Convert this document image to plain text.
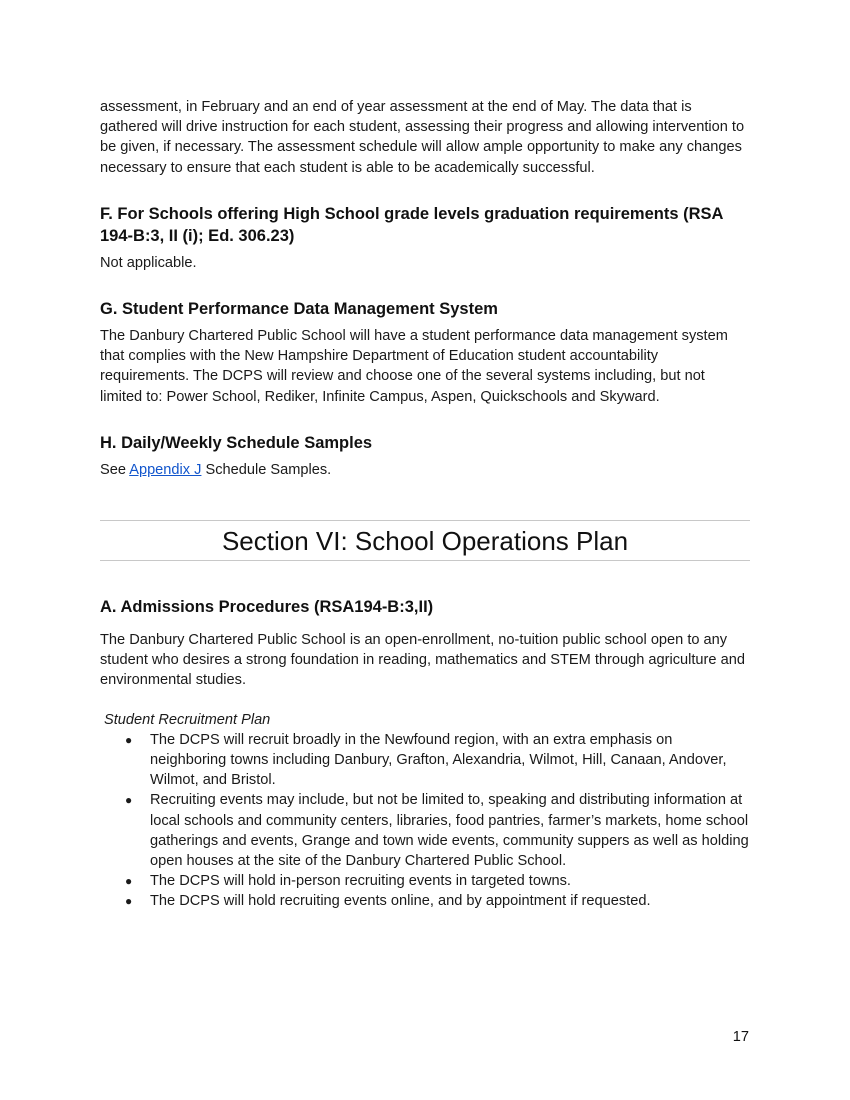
assessment, in February and an end of year assessment at the end of May. The data that is gathered will drive instruction for each student, assessing their progress and allowing intervention to be given, if necessary. The assessment schedule will allow ample opportunity to make any changes necessary to ensure that each student is able to be academically successful.

F. For Schools offering High School grade levels graduation requirements (RSA 194-B:3, II (i); Ed. 306.23)

Not applicable.

G. Student Performance Data Management System

The Danbury Chartered Public School will have a student performance data management system that complies with the New Hampshire Department of Education student accountability requirements. The DCPS will review and choose one of the several systems including, but not limited to: Power School, Rediker, Infinite Campus, Aspen, Quickschools and Skyward.

H. Daily/Weekly Schedule Samples

See Appendix J Schedule Samples.

Section VI: School Operations Plan
A. Admissions Procedures (RSA194-B:3,II)

The Danbury Chartered Public School is an open-enrollment, no-tuition public school open to any student who desires a strong foundation in reading, mathematics and STEM through agriculture and environmental studies.

Student Recruitment Plan

● The DCPS will recruit broadly in the Newfound region, with an extra emphasis on neighboring towns including Danbury, Grafton, Alexandria, Wilmot, Hill, Canaan, Andover, Wilmot, and Bristol.
● Recruiting events may include, but not be limited to, speaking and distributing information at local schools and community centers, libraries, food pantries, farmer’s markets, home school gatherings and events, Grange and town wide events, community suppers as well as holding open houses at the site of the Danbury Chartered Public School.
● The DCPS will hold in-person recruiting events in targeted towns.
● The DCPS will hold recruiting events online, and by appointment if requested.
17
